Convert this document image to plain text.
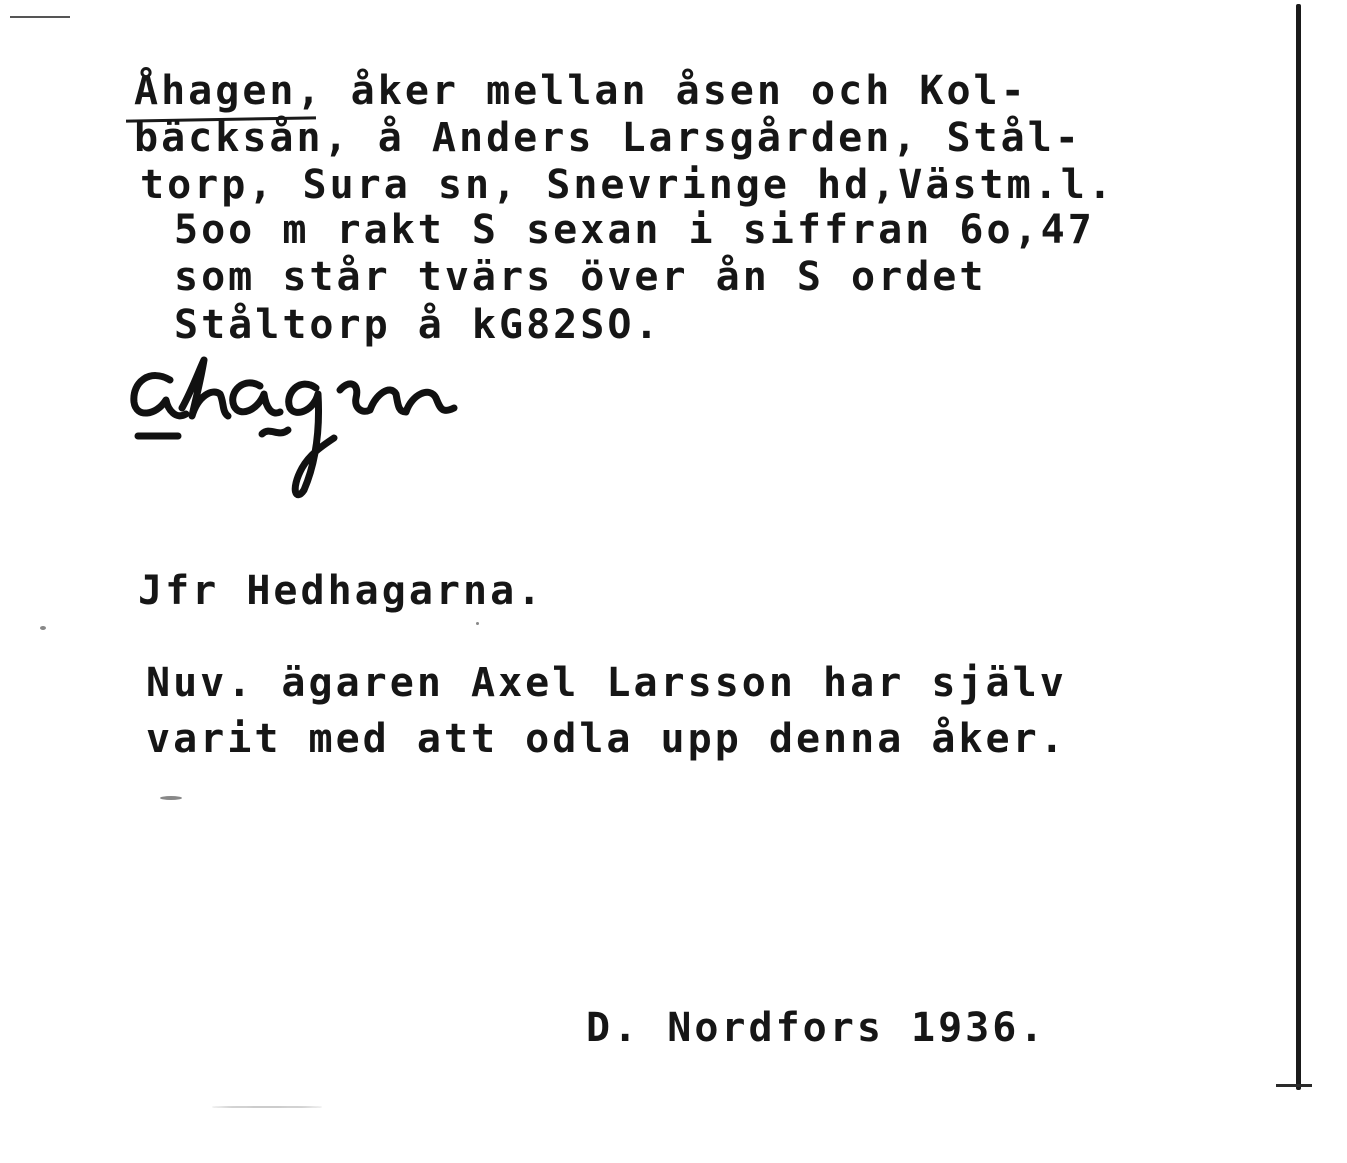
Åhagen, åker mellan åsen och Kol-

bäcksån, å Anders Larsgården, Stål-

torp, Sura sn, Snevringe hd,Västm.l.

5oo m rakt S sexan i siffran 6o,47

som står tvärs över ån S ordet

Ståltorp å kG82SO.

Jfr Hedhagarna.

Nuv. ägaren Axel Larsson har själv

varit med att odla upp denna åker.

D. Nordfors 1936.
